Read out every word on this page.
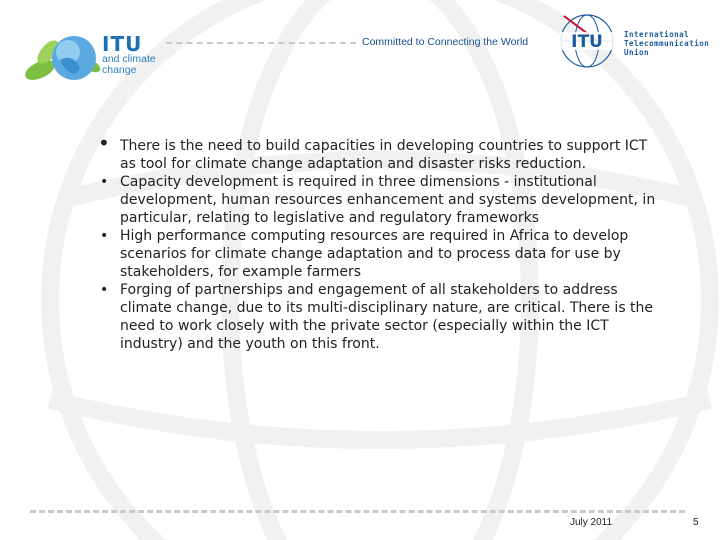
ITU
and climate
change
Committed to Connecting the World	ITU	International
Telecommunication
Union
• There is the need to build capacities in developing countries to support ICT as tool for climate change adaptation and disaster risks reduction.
• Capacity development is required in three dimensions - institutional development, human resources enhancement and systems development, in particular, relating to legislative and regulatory frameworks
• High performance computing resources are required in Africa to develop scenarios for climate change adaptation and to process data for use by stakeholders, for example farmers
• Forging of partnerships and engagement of all stakeholders to address climate change, due to its multi-disciplinary nature, are critical. There is the need to work closely with the private sector (especially within the ICT industry) and the youth on this front.
July 2011	5
